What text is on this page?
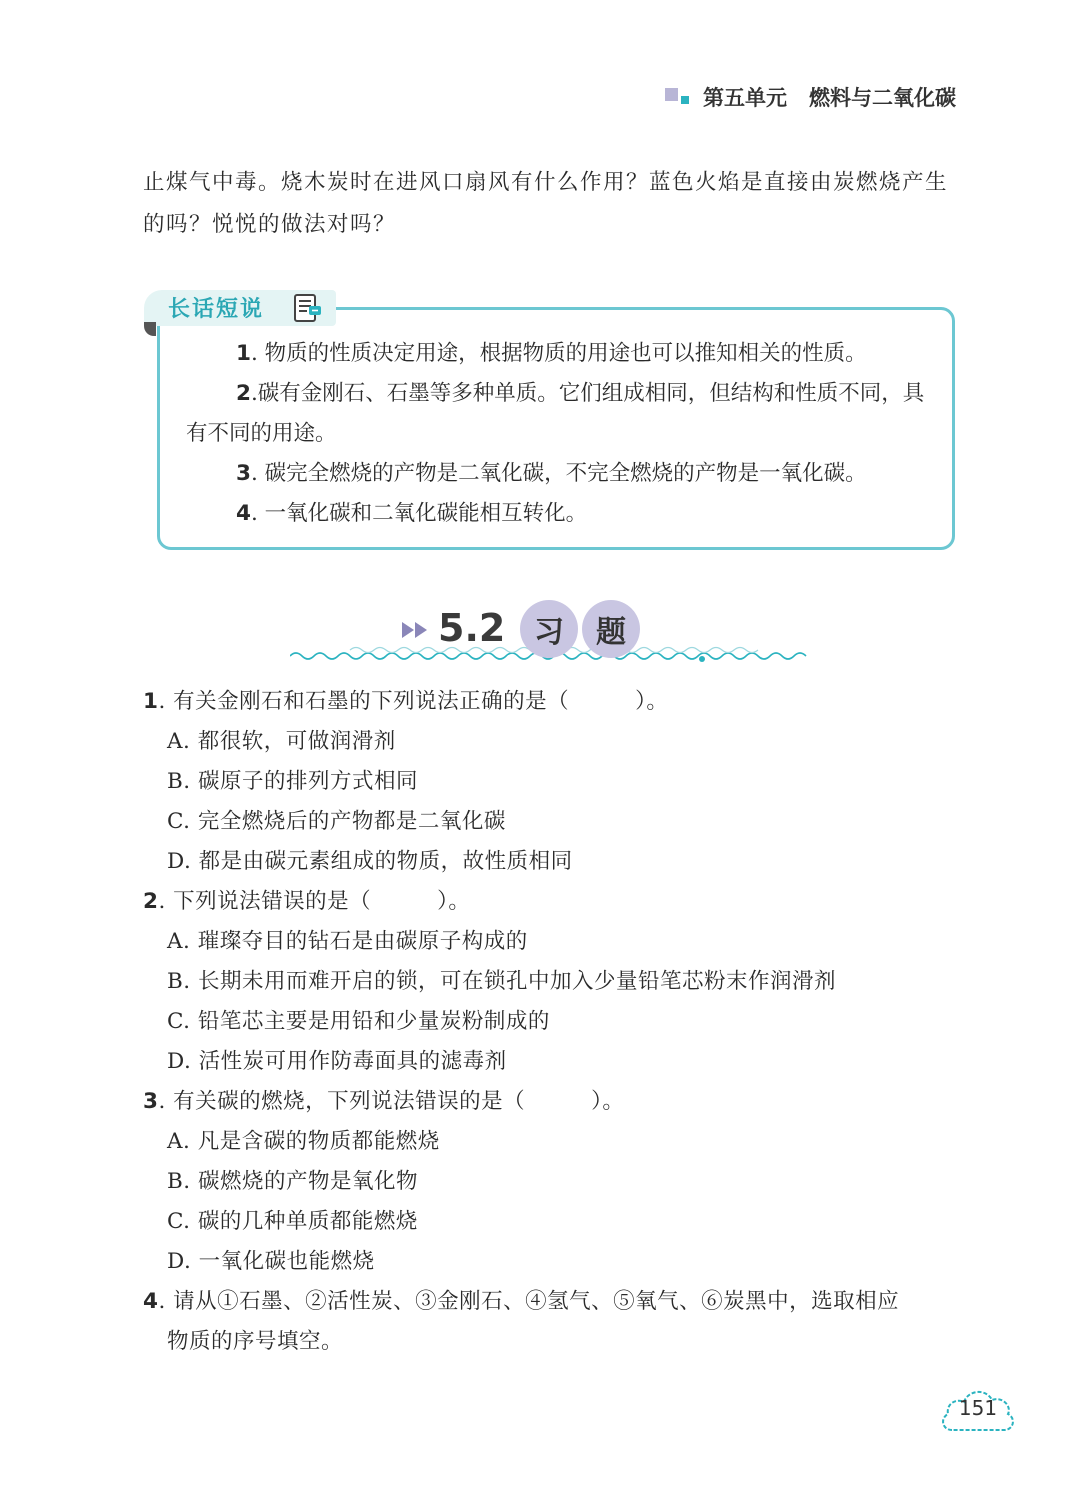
第五单元 燃料与二氧化碳
止煤气中毒。烧木炭时在进风口扇风有什么作用？蓝色火焰是直接由炭燃烧产生
的吗？悦悦的做法对吗？
长话短说
1. 物质的性质决定用途，根据物质的用途也可以推知相关的性质。
2.碳有金刚石、石墨等多种单质。它们组成相同，但结构和性质不同，具有不同的用途。
3. 碳完全燃烧的产物是二氧化碳，不完全燃烧的产物是一氧化碳。
4. 一氧化碳和二氧化碳能相互转化。
5.2 习	题
1. 有关金刚石和石墨的下列说法正确的是（　　　）。
A. 都很软，可做润滑剂
B. 碳原子的排列方式相同
C. 完全燃烧后的产物都是二氧化碳
D. 都是由碳元素组成的物质，故性质相同
2. 下列说法错误的是（　　　）。
A. 璀璨夺目的钻石是由碳原子构成的
B. 长期未用而难开启的锁，可在锁孔中加入少量铅笔芯粉末作润滑剂
C. 铅笔芯主要是用铅和少量炭粉制成的
D. 活性炭可用作防毒面具的滤毒剂
3. 有关碳的燃烧，下列说法错误的是（　　　）。
A. 凡是含碳的物质都能燃烧
B. 碳燃烧的产物是氧化物
C. 碳的几种单质都能燃烧
D. 一氧化碳也能燃烧
4. 请从①石墨、②活性炭、③金刚石、④氢气、⑤氧气、⑥炭黑中，选取相应
物质的序号填空。
151
